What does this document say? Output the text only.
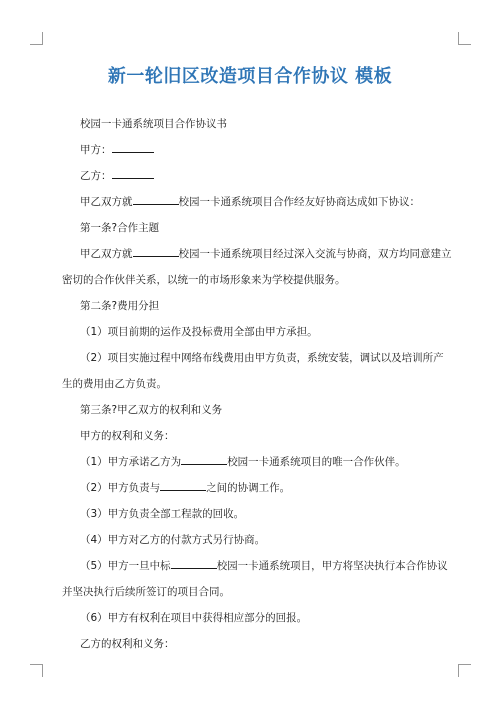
新一轮旧区改造项目合作协议 模板

校园一卡通系统项目合作协议书

甲方：

乙方：

甲乙双方就	校园一卡通系统项目合作经友好协商达成如下协议：

第一条?合作主题

甲乙双方就	校园一卡通系统项目经过深入交流与协商，双方均同意建立

密切的合作伙伴关系，以统一的市场形象来为学校提供服务。

第二条?费用分担

（1）项目前期的运作及投标费用全部由甲方承担。

（2）项目实施过程中网络布线费用由甲方负责，系统安装，调试以及培训所产

生的费用由乙方负责。

第三条?甲乙双方的权利和义务

甲方的权利和义务：

（1）甲方承诺乙方为	校园一卡通系统项目的唯一合作伙伴。

（2）甲方负责与	之间的协调工作。

（3）甲方负责全部工程款的回收。

（4）甲方对乙方的付款方式另行协商。

（5）甲方一旦中标	校园一卡通系统项目，甲方将坚决执行本合作协议

并坚决执行后续所签订的项目合同。

（6）甲方有权利在项目中获得相应部分的回报。

乙方的权利和义务：
